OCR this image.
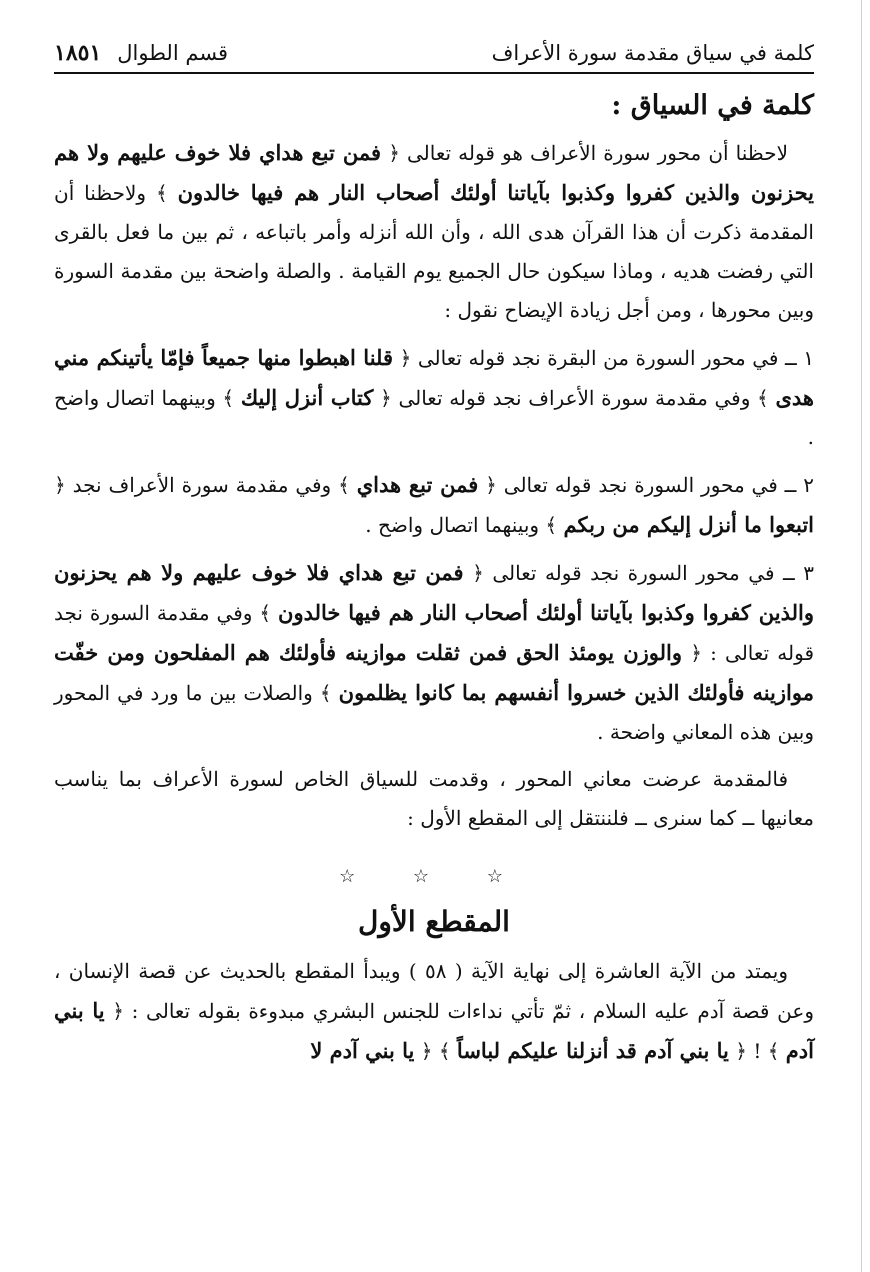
كلمة في سياق مقدمة سورة الأعراف
قسم الطوال
١٨٥١
كلمة في السياق :

لاحظنا أن محور سورة الأعراف هو قوله تعالى ﴿ فمن تبع هداي فلا خوف عليهم ولا هم يحزنون والذين كفروا وكذبوا بآياتنا أولئك أصحاب النار هم فيها خالدون ﴾ ولاحظنا أن المقدمة ذكرت أن هذا القرآن هدى الله ، وأن الله أنزله وأمر باتباعه ، ثم بين ما فعل بالقرى التي رفضت هديه ، وماذا سيكون حال الجميع يوم القيامة . والصلة واضحة بين مقدمة السورة وبين محورها ، ومن أجل زيادة الإيضاح نقول :

١ ــ في محور السورة من البقرة نجد قوله تعالى ﴿ قلنا اهبطوا منها جميعاً فإمّا يأتينكم مني هدى ﴾ وفي مقدمة سورة الأعراف نجد قوله تعالى ﴿ كتاب أنزل إليك ﴾ وبينهما اتصال واضح .

٢ ــ في محور السورة نجد قوله تعالى ﴿ فمن تبع هداي ﴾ وفي مقدمة سورة الأعراف نجد ﴿ اتبعوا ما أنزل إليكم من ربكم ﴾ وبينهما اتصال واضح .

٣ ــ في محور السورة نجد قوله تعالى ﴿ فمن تبع هداي فلا خوف عليهم ولا هم يحزنون والذين كفروا وكذبوا بآياتنا أولئك أصحاب النار هم فيها خالدون ﴾ وفي مقدمة السورة نجد قوله تعالى : ﴿ والوزن يومئذ الحق فمن ثقلت موازينه فأولئك هم المفلحون ومن خفّت موازينه فأولئك الذين خسروا أنفسهم بما كانوا يظلمون ﴾ والصلات بين ما ورد في المحور وبين هذه المعاني واضحة .

فالمقدمة عرضت معاني المحور ، وقدمت للسياق الخاص لسورة الأعراف بما يناسب معانيها ــ كما سنرى ــ فلننتقل إلى المقطع الأول :

☆ ☆ ☆
المقطع الأول

ويمتد من الآية العاشرة إلى نهاية الآية ( ٥٨ ) ويبدأ المقطع بالحديث عن قصة الإنسان ، وعن قصة آدم عليه السلام ، ثمّ تأتي نداءات للجنس البشري مبدوءة بقوله تعالى : ﴿ يا بني آدم ﴾ ! ﴿ يا بني آدم قد أنزلنا عليكم لباساً ﴾ ﴿ يا بني آدم لا
